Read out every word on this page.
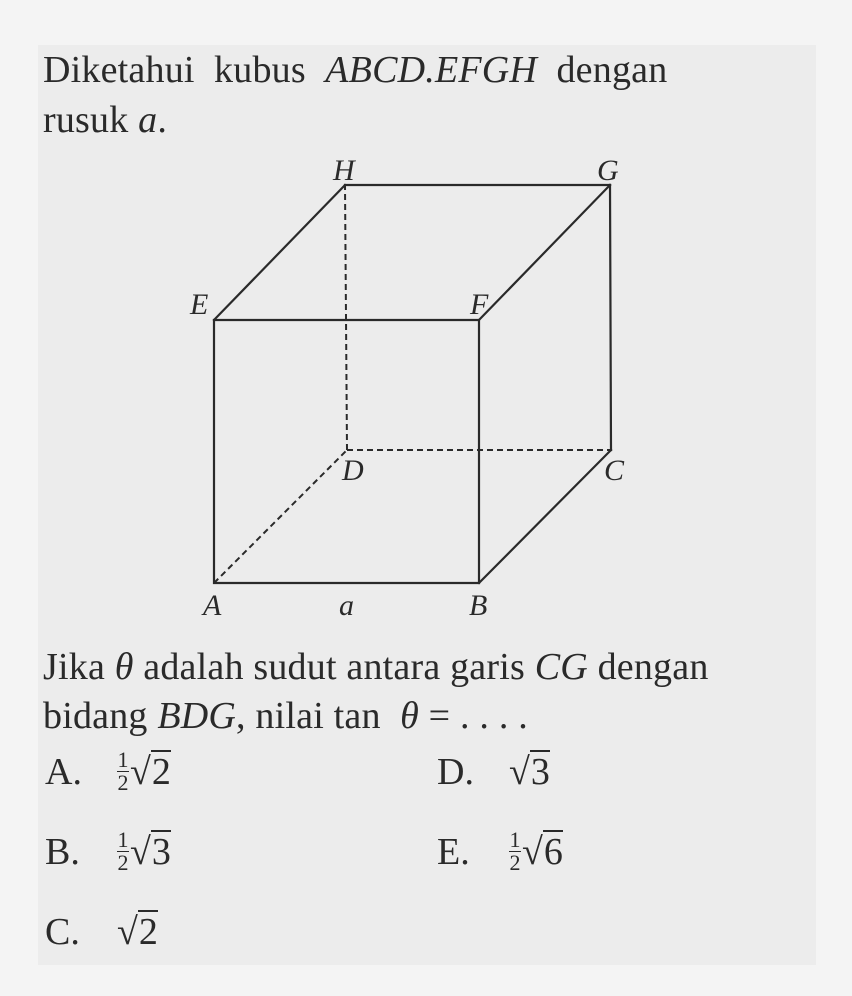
Diketahui  kubus  ABCD.EFGH  dengan
rusuk a.
H	G
E	F
D	C
A	a	B
Jika θ adalah sudut antara garis CG dengan
bidang BDG, nilai tan  θ = . . . .
A. $\frac{1}{2} √2$
B. $\frac{1}{2} √3$
C. √2
D. √3
E. $\frac{1}{2} √6$
